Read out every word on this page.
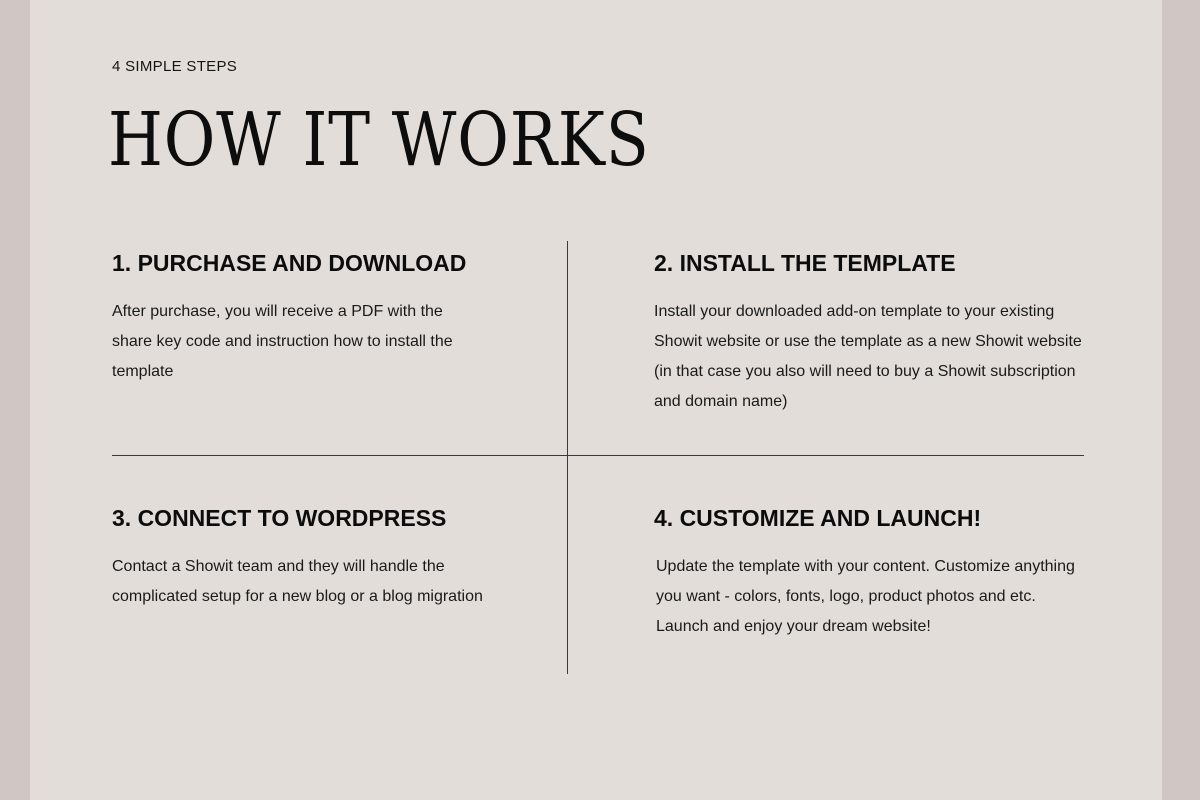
4 SIMPLE STEPS
HOW IT WORKS
1. PURCHASE AND DOWNLOAD
After purchase, you will receive a PDF with the share key code and instruction how to install the template
2. INSTALL THE TEMPLATE
Install your downloaded add-on template to your existing Showit website or use the template as a new Showit website (in that case you also will need to buy a Showit subscription and domain name)
3. CONNECT TO WORDPRESS
Contact a Showit team and they will handle the complicated setup for a new blog or a blog migration
4. CUSTOMIZE AND LAUNCH!
Update the template with your content. Customize anything you want - colors, fonts, logo, product photos and etc. Launch and enjoy your dream website!
